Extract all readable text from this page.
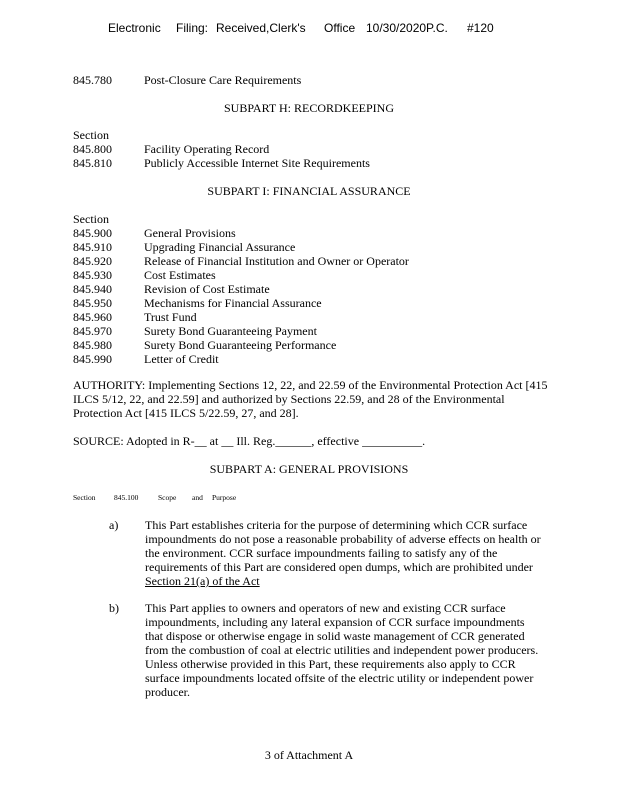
Electronic Filing: Received,Clerk's Office 10/30/2020P.C. #120
845.780	Post-Closure Care Requirements
SUBPART H: RECORDKEEPING
Section
845.800	Facility Operating Record
845.810	Publicly Accessible Internet Site Requirements
SUBPART I: FINANCIAL ASSURANCE
Section
845.900	General Provisions
845.910	Upgrading Financial Assurance
845.920	Release of Financial Institution and Owner or Operator
845.930	Cost Estimates
845.940	Revision of Cost Estimate
845.950	Mechanisms for Financial Assurance
845.960	Trust Fund
845.970	Surety Bond Guaranteeing Payment
845.980	Surety Bond Guaranteeing Performance
845.990	Letter of Credit
AUTHORITY: Implementing Sections 12, 22, and 22.59 of the Environmental Protection Act [415
ILCS 5/12, 22, and 22.59] and authorized by Sections 22.59, and 28 of the Environmental
Protection Act [415 ILCS 5/22.59, 27, and 28].
SOURCE: Adopted in R-__ at __ Ill. Reg.______, effective __________.
SUBPART A: GENERAL PROVISIONS
Section 845.100	Scope and Purpose
a) This Part establishes criteria for the purpose of determining which CCR surface
impoundments do not pose a reasonable probability of adverse effects on health or
the environment. CCR surface impoundments failing to satisfy any of the
requirements of this Part are considered open dumps, which are prohibited under
Section 21(a) of the Act
b) This Part applies to owners and operators of new and existing CCR surface
impoundments, including any lateral expansion of CCR surface impoundments
that dispose or otherwise engage in solid waste management of CCR generated
from the combustion of coal at electric utilities and independent power producers.
Unless otherwise provided in this Part, these requirements also apply to CCR
surface impoundments located offsite of the electric utility or independent power
producer.
3 of Attachment A
